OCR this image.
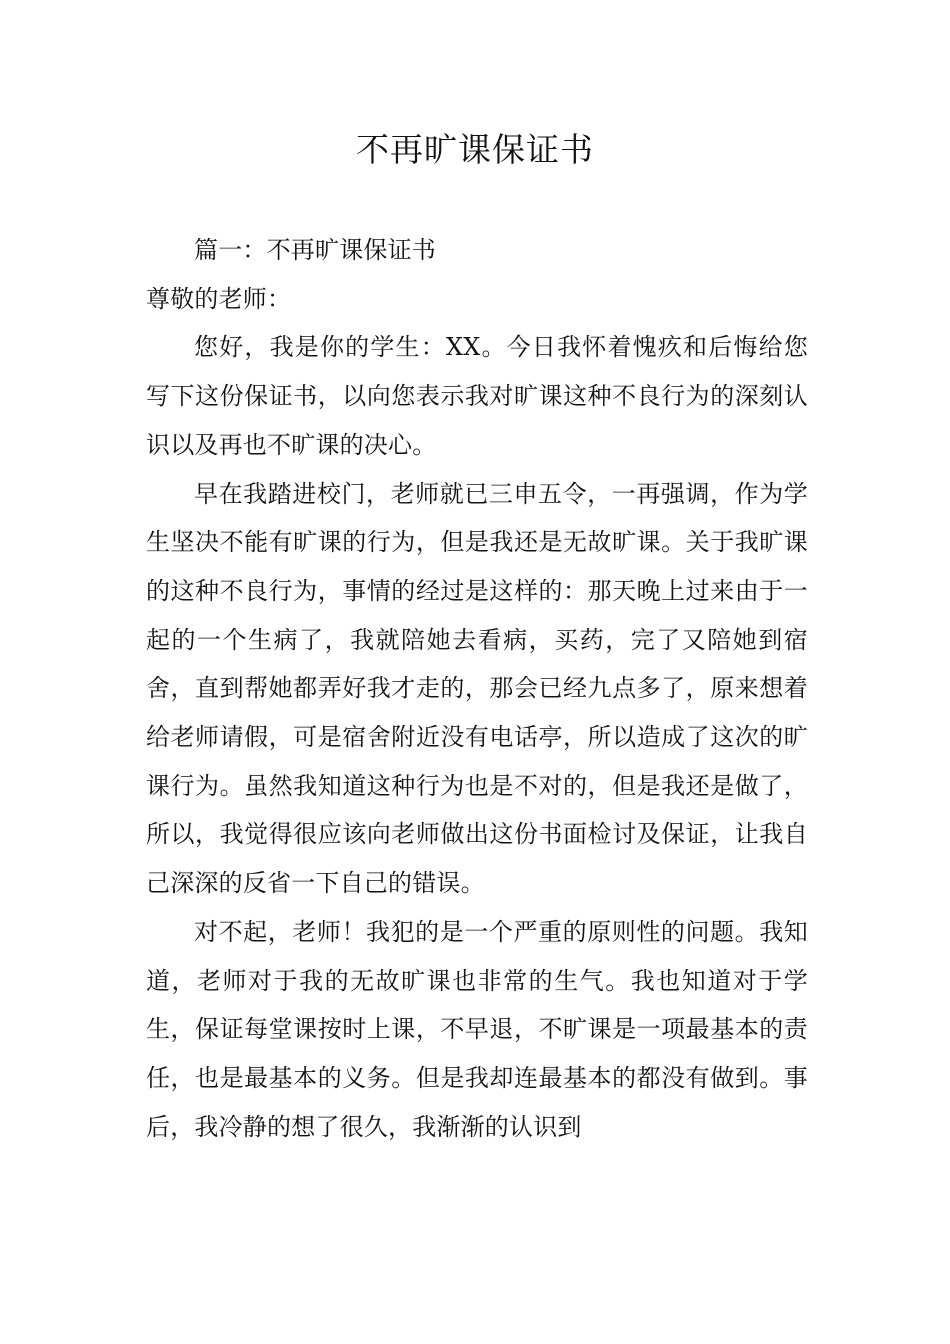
不再旷课保证书

篇一：不再旷课保证书

尊敬的老师：

您好，我是你的学生：XX。今日我怀着愧疚和后悔给您写下这份保证书，以向您表示我对旷课这种不良行为的深刻认识以及再也不旷课的决心。

早在我踏进校门，老师就已三申五令，一再强调，作为学生坚决不能有旷课的行为，但是我还是无故旷课。关于我旷课的这种不良行为，事情的经过是这样的：那天晚上过来由于一起的一个生病了，我就陪她去看病，买药，完了又陪她到宿舍，直到帮她都弄好我才走的，那会已经九点多了，原来想着给老师请假，可是宿舍附近没有电话亭，所以造成了这次的旷课行为。虽然我知道这种行为也是不对的，但是我还是做了，所以，我觉得很应该向老师做出这份书面检讨及保证，让我自己深深的反省一下自己的错误。

对不起，老师！我犯的是一个严重的原则性的问题。我知道，老师对于我的无故旷课也非常的生气。我也知道对于学生，保证每堂课按时上课，不早退，不旷课是一项最基本的责任，也是最基本的义务。但是我却连最基本的都没有做到。事后，我冷静的想了很久，我渐渐的认识到
